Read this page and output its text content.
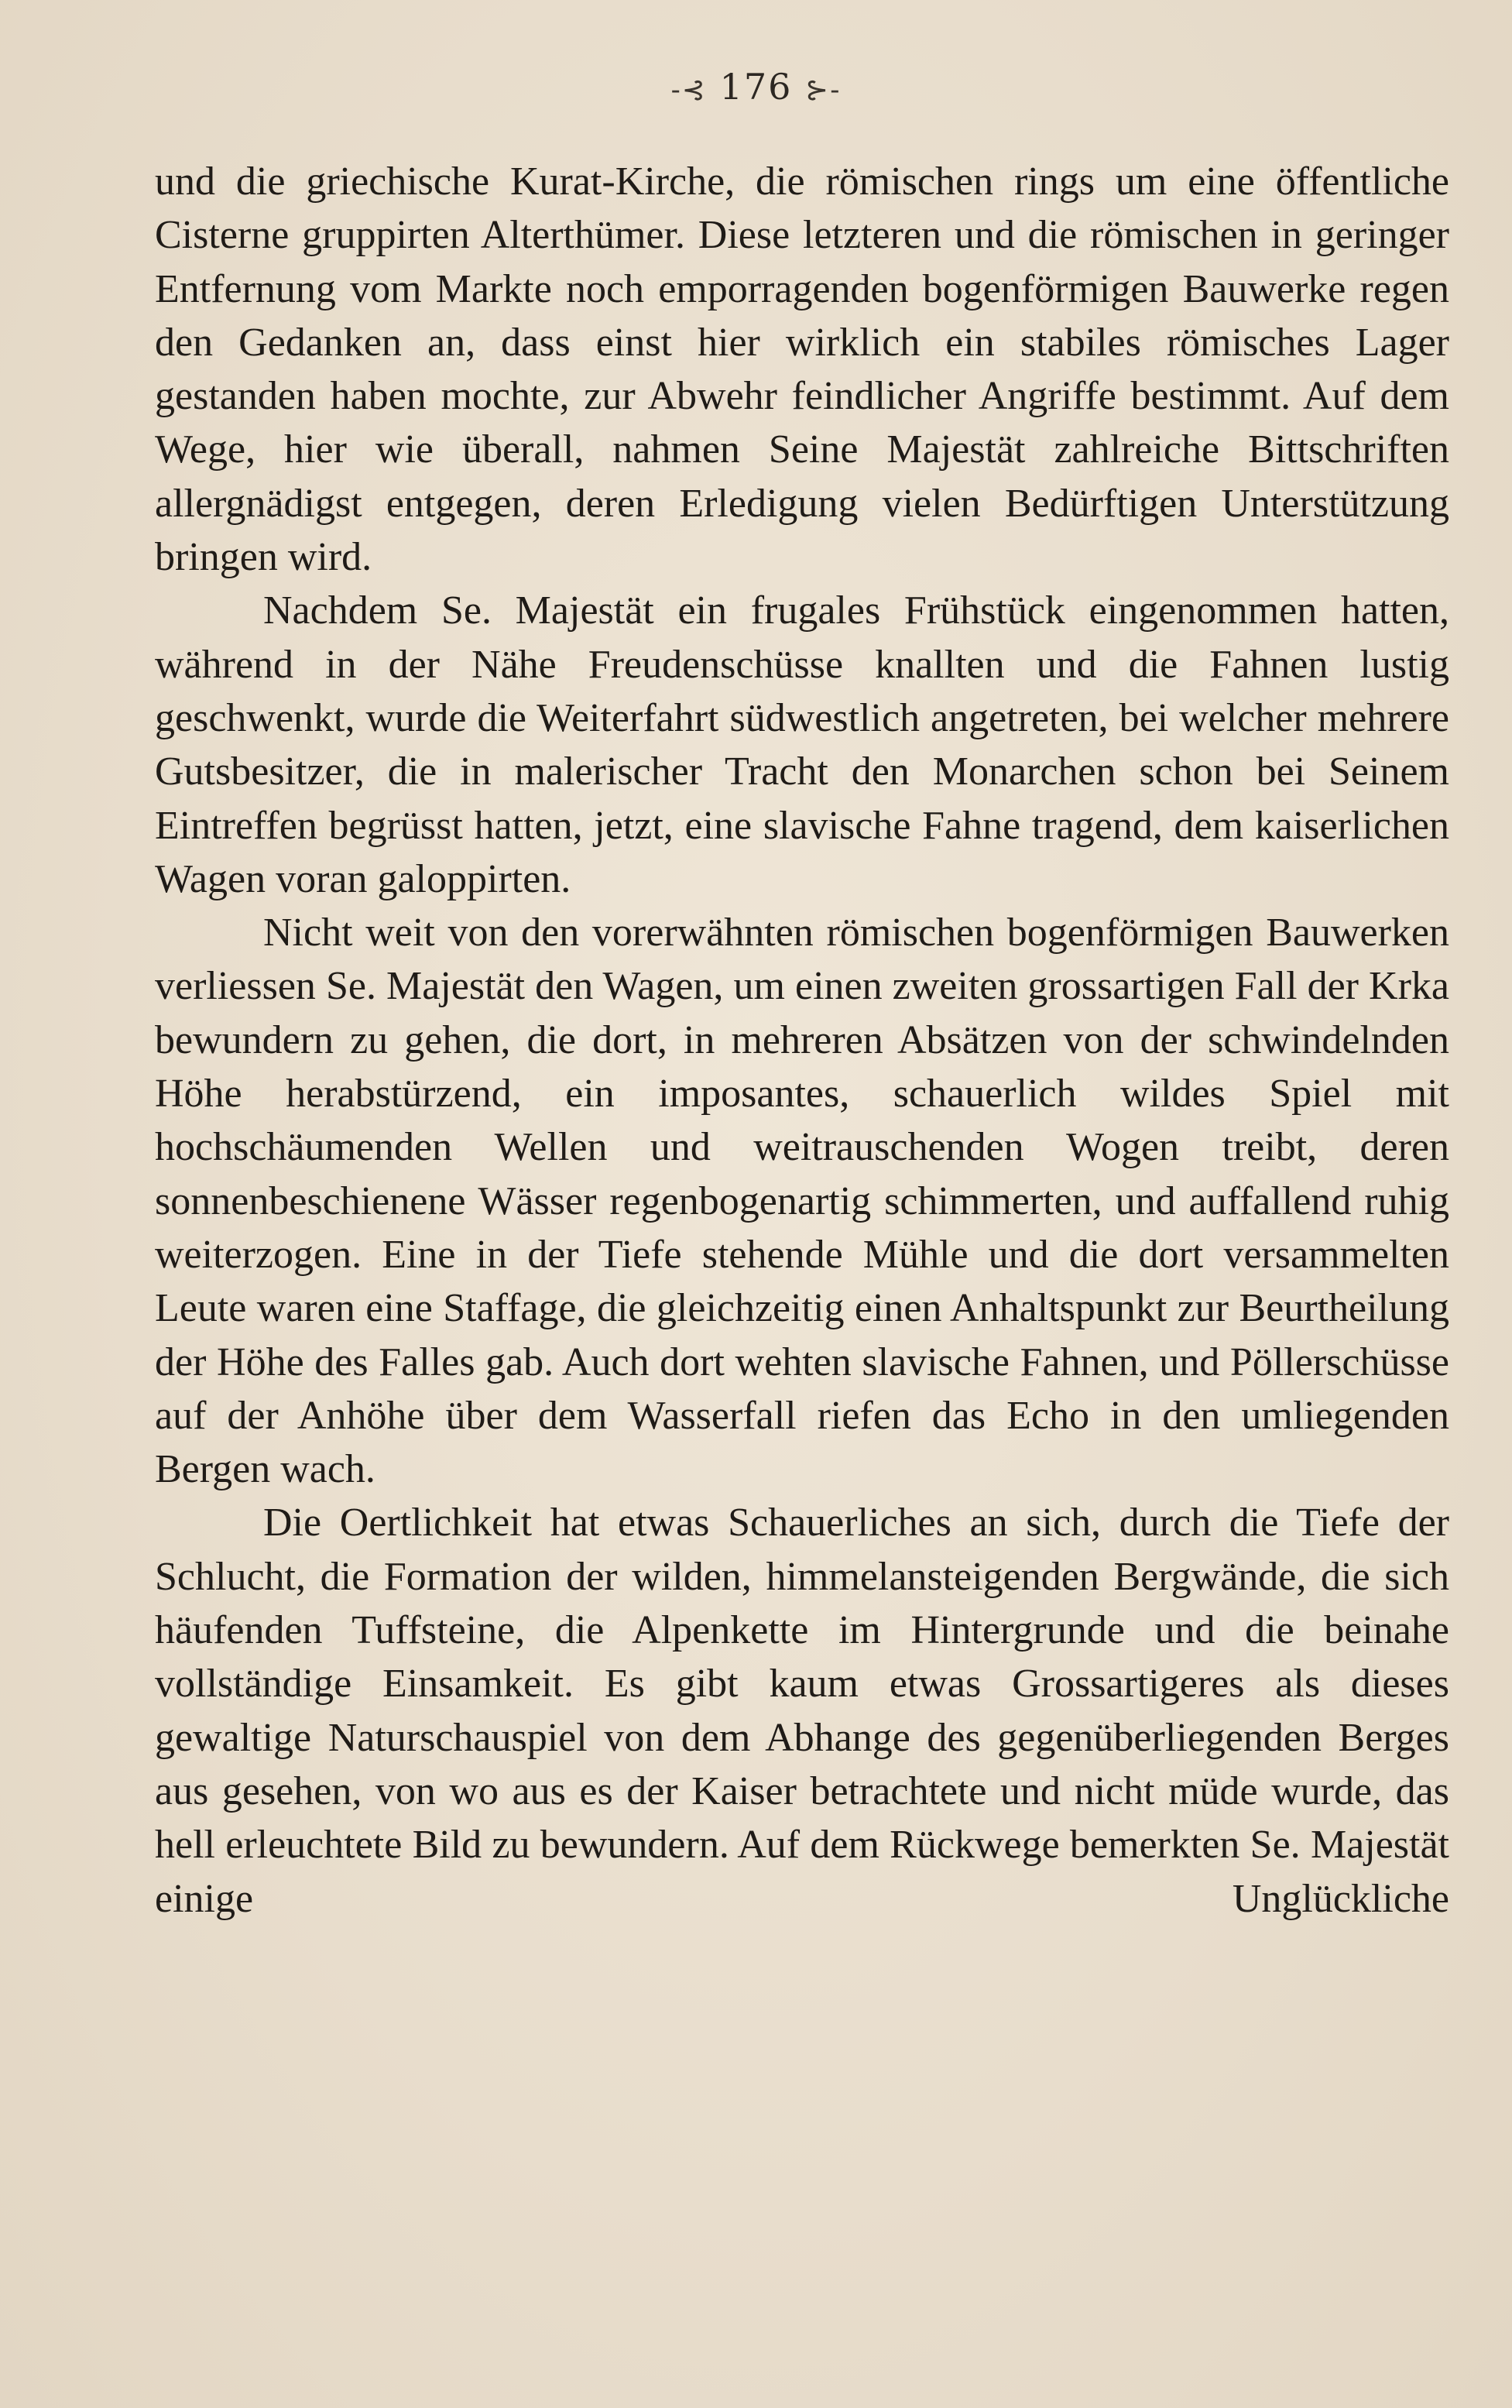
-⊰ 176 ⊱-

und die griechische Kurat-Kirche, die römischen rings um eine öffentliche Cisterne gruppirten Alterthümer. Diese letzteren und die römischen in geringer Entfernung vom Markte noch emporragenden bogenförmigen Bauwerke regen den Gedanken an, dass einst hier wirklich ein stabiles römisches Lager gestanden haben mochte, zur Abwehr feindlicher Angriffe bestimmt. Auf dem Wege, hier wie überall, nahmen Seine Majestät zahlreiche Bittschriften allergnädigst entgegen, deren Erledigung vielen Bedürftigen Unterstützung bringen wird.

Nachdem Se. Majestät ein frugales Frühstück eingenommen hatten, während in der Nähe Freudenschüsse knallten und die Fahnen lustig geschwenkt, wurde die Weiterfahrt südwestlich angetreten, bei welcher mehrere Gutsbesitzer, die in malerischer Tracht den Monarchen schon bei Seinem Eintreffen begrüsst hatten, jetzt, eine slavische Fahne tragend, dem kaiserlichen Wagen voran galoppirten.

Nicht weit von den vorerwähnten römischen bogenförmigen Bauwerken verliessen Se. Majestät den Wagen, um einen zweiten grossartigen Fall der Krka bewundern zu gehen, die dort, in mehreren Absätzen von der schwindelnden Höhe herabstürzend, ein imposantes, schauerlich wildes Spiel mit hochschäumenden Wellen und weitrauschenden Wogen treibt, deren sonnenbeschienene Wässer regenbogenartig schimmerten, und auffallend ruhig weiterzogen. Eine in der Tiefe stehende Mühle und die dort versammelten Leute waren eine Staffage, die gleichzeitig einen Anhaltspunkt zur Beurtheilung der Höhe des Falles gab. Auch dort wehten slavische Fahnen, und Pöllerschüsse auf der Anhöhe über dem Wasserfall riefen das Echo in den umliegenden Bergen wach.

Die Oertlichkeit hat etwas Schauerliches an sich, durch die Tiefe der Schlucht, die Formation der wilden, himmelansteigenden Bergwände, die sich häufenden Tuffsteine, die Alpenkette im Hintergrunde und die beinahe vollständige Einsamkeit. Es gibt kaum etwas Grossartigeres als dieses gewaltige Naturschauspiel von dem Abhange des gegenüberliegenden Berges aus gesehen, von wo aus es der Kaiser betrachtete und nicht müde wurde, das hell erleuchtete Bild zu bewundern. Auf dem Rückwege bemerkten Se. Majestät einige Unglückliche
